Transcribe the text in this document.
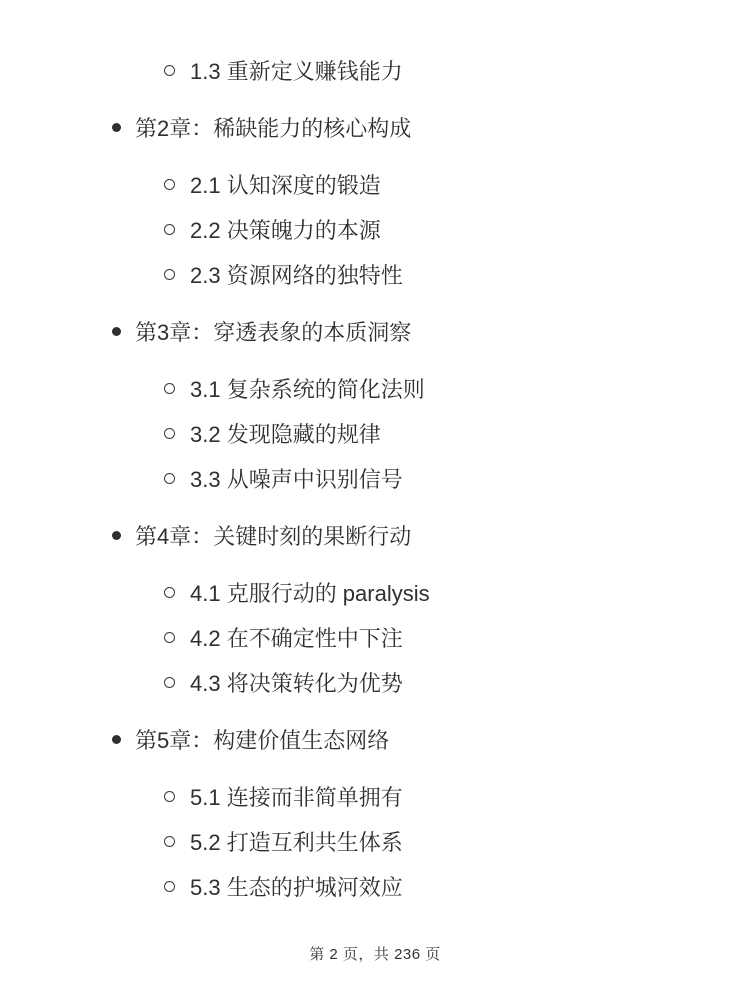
1.3 重新定义赚钱能力
第2章：稀缺能力的核心构成
2.1 认知深度的锻造
2.2 决策魄力的本源
2.3 资源网络的独特性
第3章：穿透表象的本质洞察
3.1 复杂系统的简化法则
3.2 发现隐藏的规律
3.3 从噪声中识别信号
第4章：关键时刻的果断行动
4.1 克服行动的 paralysis
4.2 在不确定性中下注
4.3 将决策转化为优势
第5章：构建价值生态网络
5.1 连接而非简单拥有
5.2 打造互利共生体系
5.3 生态的护城河效应
第 2 页，共 236 页
